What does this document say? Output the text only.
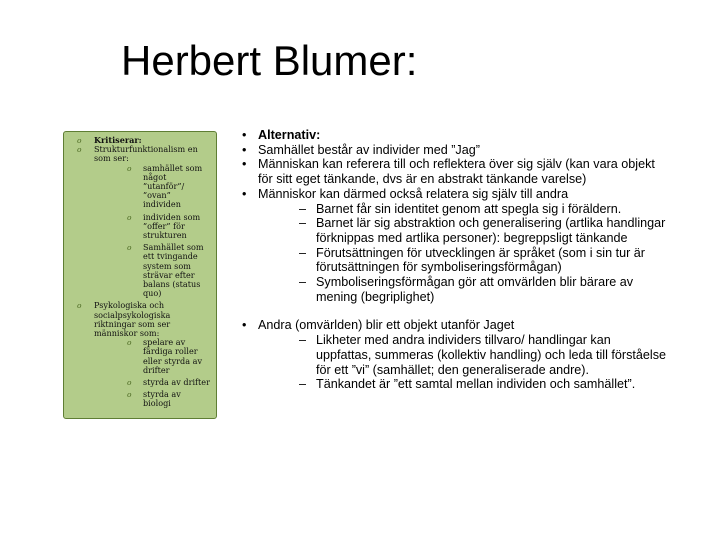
Herbert Blumer:
o Kritiserar:
o Strukturfunktionalism en som ser:
o samhället som något ”utanför”/ ”ovan” individen
o individen som ”offer” för strukturen
o Samhället som ett tvingande system som strävar efter balans (status quo)
o Psykologiska och socialpsykologiska riktningar som ser människor som:
o spelare av färdiga roller eller styrda av drifter
o styrda av drifter
o styrda av biologi
• Alternativ:
• Samhället består av individer med ”Jag”
• Människan kan referera till och reflektera över sig själv (kan vara objekt för sitt eget tänkande, dvs är en abstrakt tänkande varelse)
• Människor kan därmed också relatera sig själv till andra
– Barnet får sin identitet genom att spegla sig i föräldern.
– Barnet lär sig abstraktion och generalisering (artlika handlingar förknippas med artlika personer): begreppsligt tänkande
– Förutsättningen för utvecklingen är språket (som i sin tur är förutsättningen för symboliseringsförmågan)
– Symboliseringsförmågan gör att omvärlden blir bärare av mening (begriplighet)
• Andra (omvärlden) blir ett objekt utanför Jaget
– Likheter med andra individers tillvaro/ handlingar kan uppfattas, summeras (kollektiv handling) och leda till förståelse för ett ”vi” (samhället; den generaliserade andre).
– Tänkandet är ”ett samtal mellan individen och samhället”.
